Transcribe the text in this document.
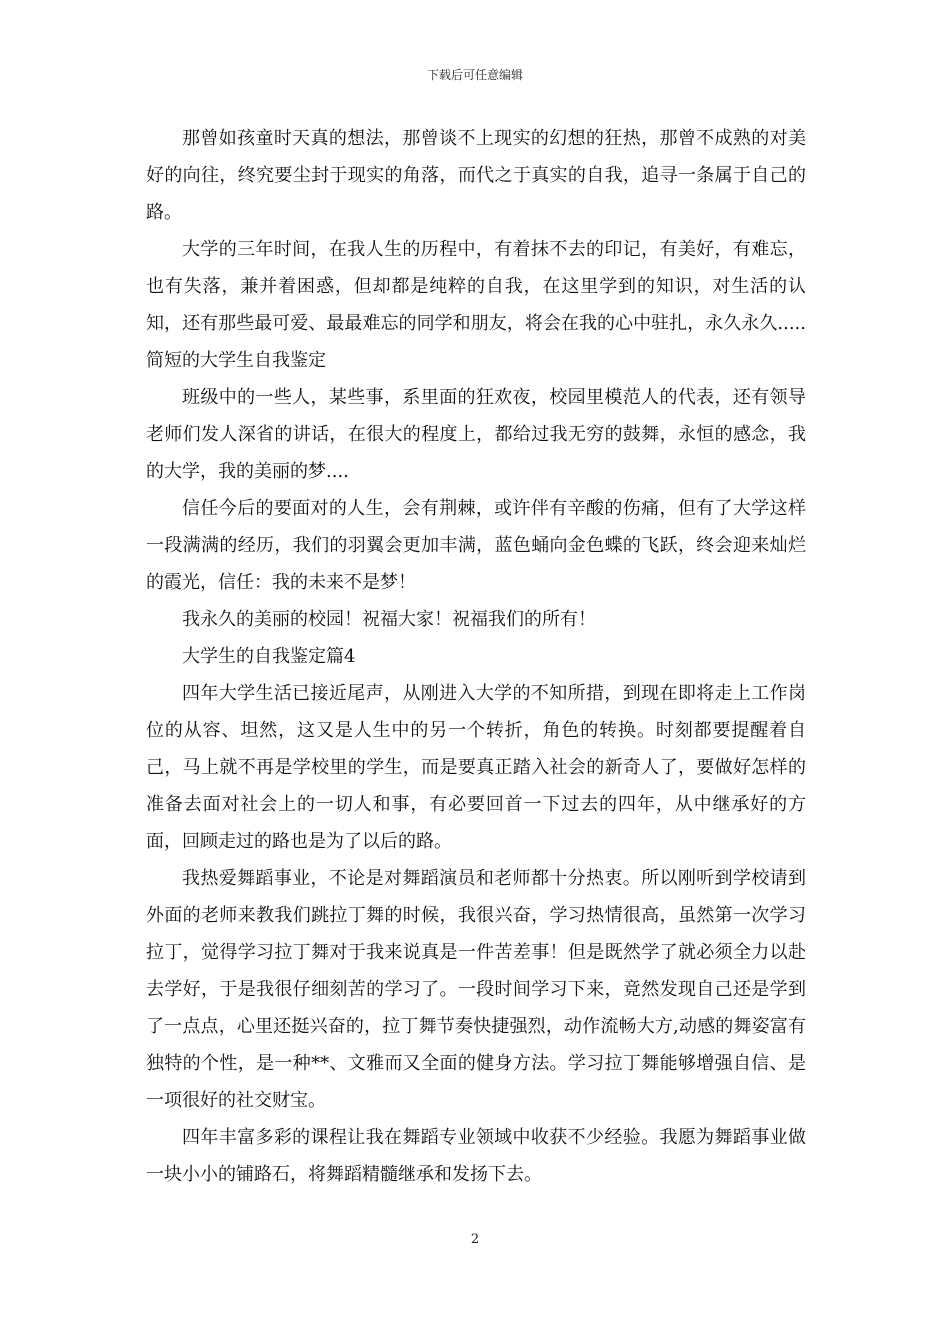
下载后可任意编辑

那曾如孩童时天真的想法，那曾谈不上现实的幻想的狂热，那曾不成熟的对美好的向往，终究要尘封于现实的角落，而代之于真实的自我，追寻一条属于自己的路。

大学的三年时间，在我人生的历程中，有着抹不去的印记，有美好，有难忘，也有失落，兼并着困惑，但却都是纯粹的自我，在这里学到的知识，对生活的认知，还有那些最可爱、最最难忘的同学和朋友，将会在我的心中驻扎，永久永久.....简短的大学生自我鉴定

班级中的一些人，某些事，系里面的狂欢夜，校园里模范人的代表，还有领导老师们发人深省的讲话，在很大的程度上，都给过我无穷的鼓舞，永恒的感念，我的大学，我的美丽的梦....

信任今后的要面对的人生，会有荆棘，或许伴有辛酸的伤痛，但有了大学这样一段满满的经历，我们的羽翼会更加丰满，蓝色蛹向金色蝶的飞跃，终会迎来灿烂的霞光，信任：我的未来不是梦！

我永久的美丽的校园！祝福大家！祝福我们的所有！

大学生的自我鉴定篇4

四年大学生活已接近尾声，从刚进入大学的不知所措，到现在即将走上工作岗位的从容、坦然，这又是人生中的另一个转折，角色的转换。时刻都要提醒着自己，马上就不再是学校里的学生，而是要真正踏入社会的新奇人了，要做好怎样的准备去面对社会上的一切人和事，有必要回首一下过去的四年，从中继承好的方面，回顾走过的路也是为了以后的路。

我热爱舞蹈事业，不论是对舞蹈演员和老师都十分热衷。所以刚听到学校请到外面的老师来教我们跳拉丁舞的时候，我很兴奋，学习热情很高，虽然第一次学习拉丁，觉得学习拉丁舞对于我来说真是一件苦差事！但是既然学了就必须全力以赴去学好，于是我很仔细刻苦的学习了。一段时间学习下来，竟然发现自己还是学到了一点点，心里还挺兴奋的，拉丁舞节奏快捷强烈，动作流畅大方,动感的舞姿富有独特的个性，是一种**、文雅而又全面的健身方法。学习拉丁舞能够增强自信、是一项很好的社交财宝。

四年丰富多彩的课程让我在舞蹈专业领域中收获不少经验。我愿为舞蹈事业做一块小小的铺路石，将舞蹈精髓继承和发扬下去。

2
